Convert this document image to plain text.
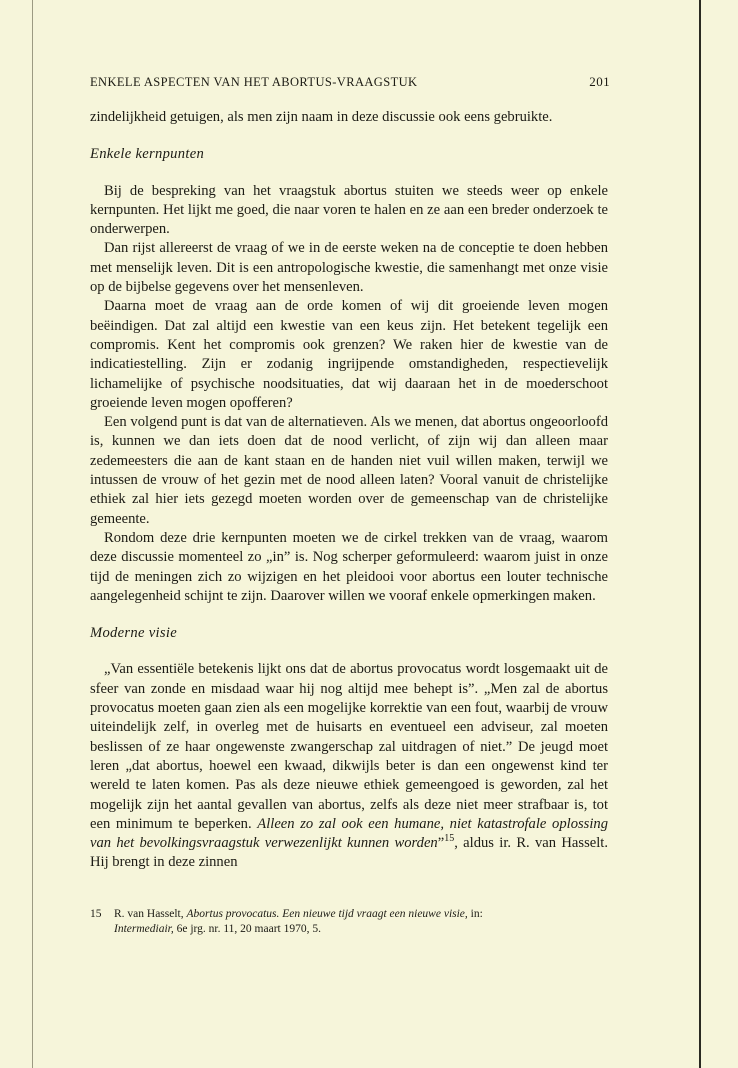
ENKELE ASPECTEN VAN HET ABORTUS-VRAAGSTUK	201

zindelijkheid getuigen, als men zijn naam in deze discussie ook eens gebruikte.

Enkele kernpunten

Bij de bespreking van het vraagstuk abortus stuiten we steeds weer op enkele kernpunten. Het lijkt me goed, die naar voren te halen en ze aan een breder onderzoek te onderwerpen.

Dan rijst allereerst de vraag of we in de eerste weken na de conceptie te doen hebben met menselijk leven. Dit is een antropologische kwestie, die samenhangt met onze visie op de bijbelse gegevens over het mensenleven.

Daarna moet de vraag aan de orde komen of wij dit groeiende leven mogen beëindigen. Dat zal altijd een kwestie van een keus zijn. Het betekent tegelijk een compromis. Kent het compromis ook grenzen? We raken hier de kwestie van de indicatiestelling. Zijn er zodanig ingrijpende omstandigheden, respectievelijk lichamelijke of psychische noodsituaties, dat wij daaraan het in de moederschoot groeiende leven mogen opofferen?

Een volgend punt is dat van de alternatieven. Als we menen, dat abortus ongeoorloofd is, kunnen we dan iets doen dat de nood verlicht, of zijn wij dan alleen maar zedemeesters die aan de kant staan en de handen niet vuil willen maken, terwijl we intussen de vrouw of het gezin met de nood alleen laten? Vooral vanuit de christelijke ethiek zal hier iets gezegd moeten worden over de gemeenschap van de christelijke gemeente.

Rondom deze drie kernpunten moeten we de cirkel trekken van de vraag, waarom deze discussie momenteel zo „in” is. Nog scherper geformuleerd: waarom juist in onze tijd de meningen zich zo wijzigen en het pleidooi voor abortus een louter technische aangelegenheid schijnt te zijn. Daarover willen we vooraf enkele opmerkingen maken.

Moderne visie

„Van essentiële betekenis lijkt ons dat de abortus provocatus wordt losgemaakt uit de sfeer van zonde en misdaad waar hij nog altijd mee behept is”. „Men zal de abortus provocatus moeten gaan zien als een mogelijke korrektie van een fout, waarbij de vrouw uiteindelijk zelf, in overleg met de huisarts en eventueel een adviseur, zal moeten beslissen of ze haar ongewenste zwangerschap zal uitdragen of niet.” De jeugd moet leren „dat abortus, hoewel een kwaad, dikwijls beter is dan een ongewenst kind ter wereld te laten komen. Pas als deze nieuwe ethiek gemeengoed is geworden, zal het mogelijk zijn het aantal gevallen van abortus, zelfs als deze niet meer strafbaar is, tot een minimum te beperken. Alleen zo zal ook een humane, niet katastrofale oplossing van het bevolkingsvraagstuk verwezenlijkt kunnen worden”$^{15}$, aldus ir. R. van Hasselt. Hij brengt in deze zinnen

15 R. van Hasselt, Abortus provocatus. Een nieuwe tijd vraagt een nieuwe visie, in:
Intermediair, 6e jrg. nr. 11, 20 maart 1970, 5.
